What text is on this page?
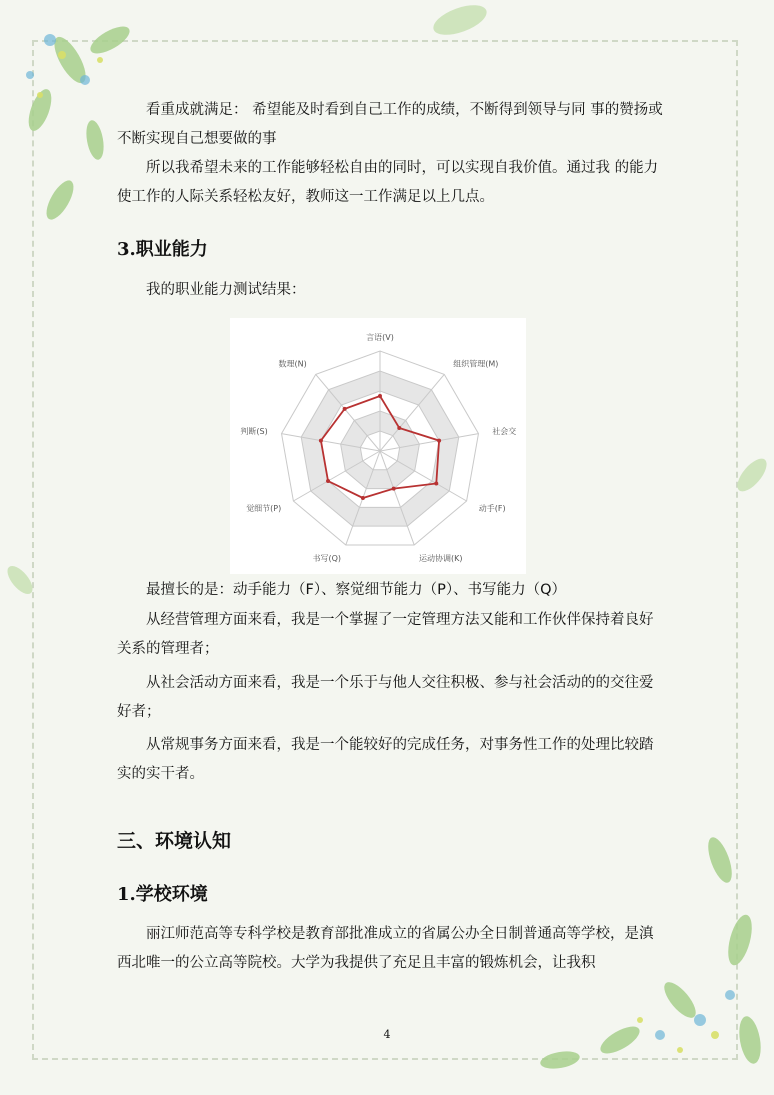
看重成就满足： 希望能及时看到自己工作的成绩，不断得到领导与同 事的赞扬或不断实现自己想要做的事

所以我希望未来的工作能够轻松自由的同时，可以实现自我价值。通过我 的能力使工作的人际关系轻松友好，教师这一工作满足以上几点。

3.职业能力

我的职业能力测试结果：

言语(V)
组织管理(M)
社会交
动手(F)
运动协调(K)
书写(Q)
觉细节(P)
判断(S)
数理(N)

最擅长的是：动手能力（F）、察觉细节能力（P）、书写能力（Q）

从经营管理方面来看，我是一个掌握了一定管理方法又能和工作伙伴保持着良好关系的管理者；

从社会活动方面来看，我是一个乐于与他人交往积极、参与社会活动的的交往爱好者；

从常规事务方面来看，我是一个能较好的完成任务，对事务性工作的处理比较踏实的实干者。

三、环境认知
1.学校环境

丽江师范高等专科学校是教育部批准成立的省属公办全日制普通高等学校，是滇西北唯一的公立高等院校。大学为我提供了充足且丰富的锻炼机会，让我积

4
